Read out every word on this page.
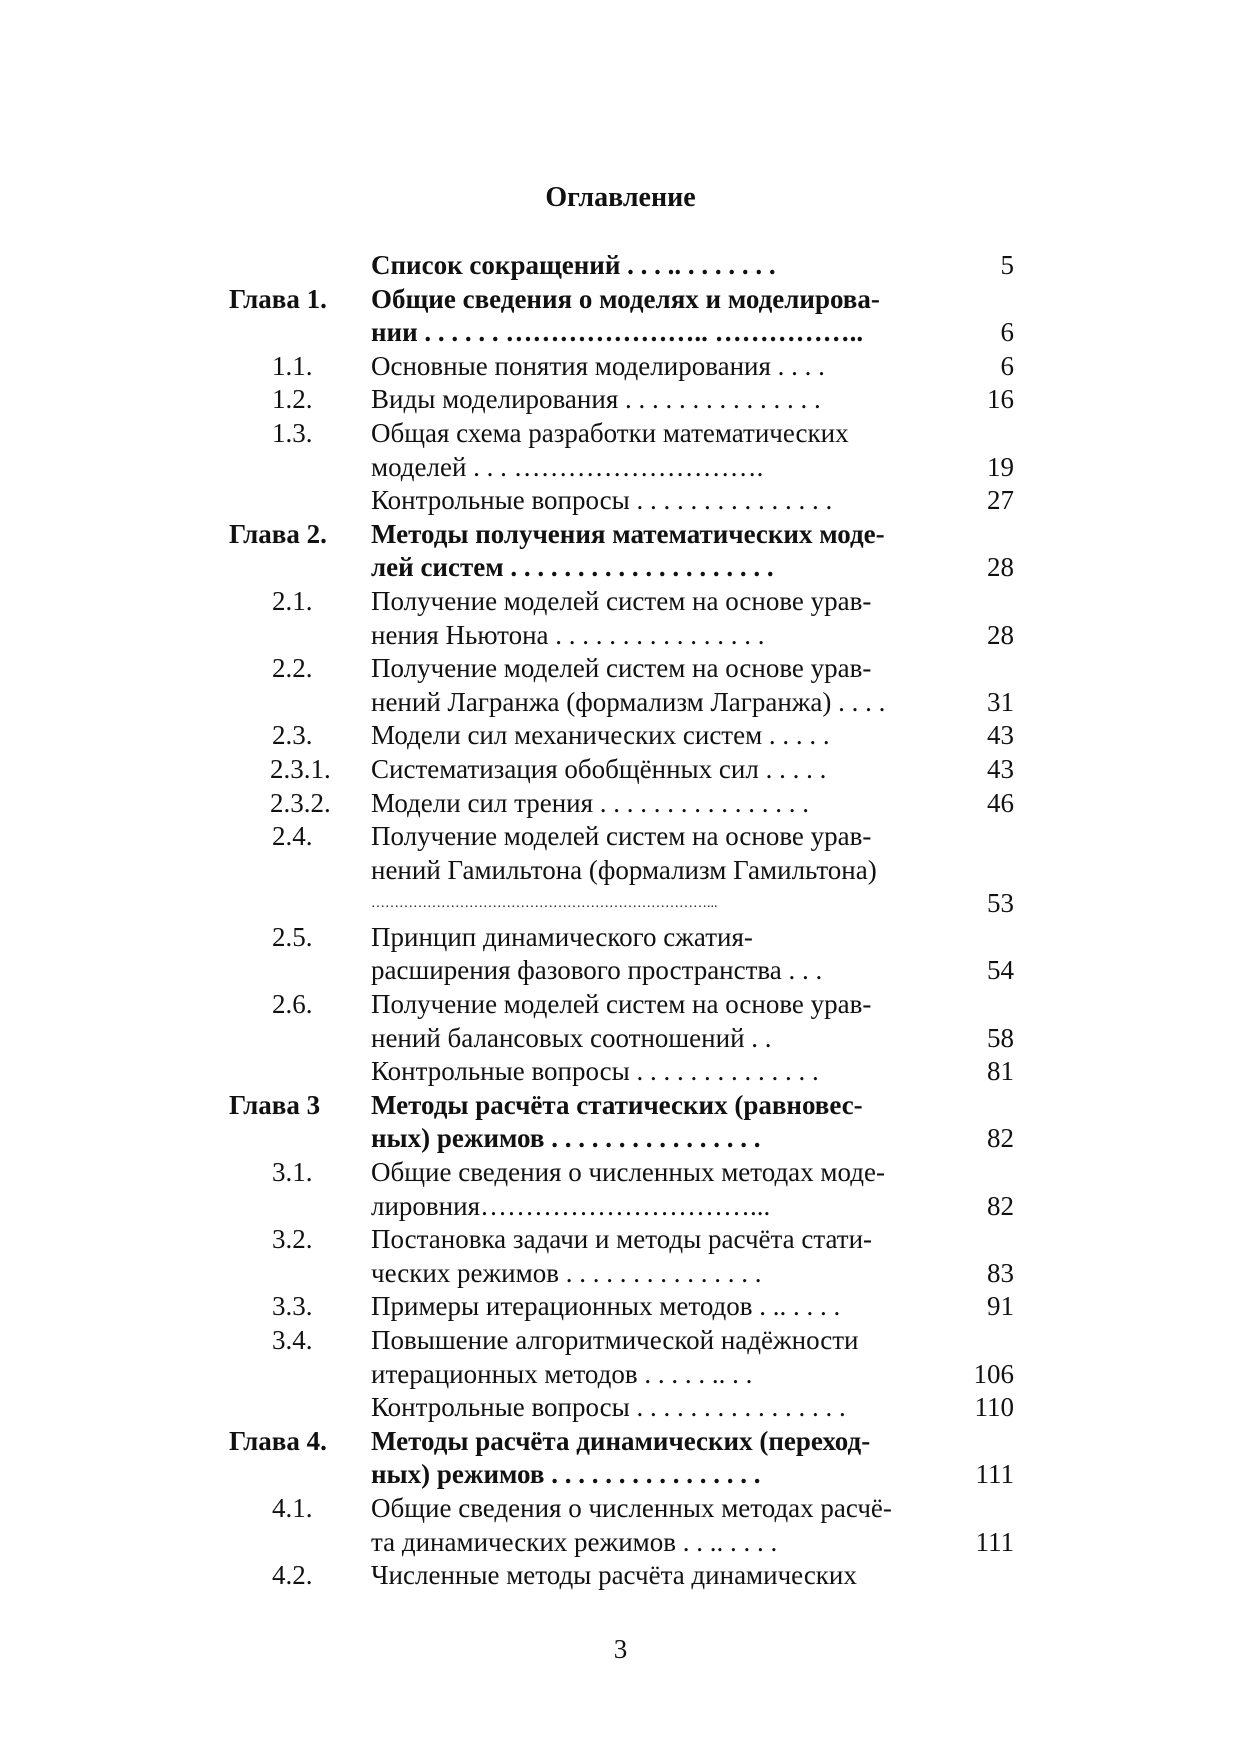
Оглавление
Список сокращений . . . .. . . . . . . .	5
Глава 1. Общие сведения о моделях и моделирова-
нии . . . . . . ………………….. ……………..	6
1.1. Основные понятия моделирования . . . .	6
1.2. Виды моделирования . . . . . . . . . . . . . . .	16
1.3. Общая схема разработки математических
моделей . . . ……………………….	19
Контрольные вопросы . . . . . . . . . . . . . . .	27
Глава 2. Методы получения математических моде-
лей систем . . . . . . . . . . . . . . . . . . . .	28
2.1. Получение моделей систем на основе урав-
нения Ньютона . . . . . . . . . . . . . . . .	28
2.2. Получение моделей систем на основе урав-
нений Лагранжа (формализм Лагранжа) . . . .	31
2.3. Модели сил механических систем . . . . .	43
2.3.1. Систематизация обобщённых сил . . . . .	43
2.3.2. Модели сил трения . . . . . . . . . . . . . . . .	46
2.4. Получение моделей систем на основе урав-
нений Гамильтона (формализм Гамильтона)
………………………………………………………………...	53
2.5. Принцип динамического сжатия-
расширения фазового пространства . . .	54
2.6. Получение моделей систем на основе урав-
нений балансовых соотношений . .	58
Контрольные вопросы . . . . . . . . . . . . . .	81
Глава 3 Методы расчёта статических (равновес-
ных) режимов . . . . . . . . . . . . . . . .	82
3.1. Общие сведения о численных методах моде-
лировния…………………………...	82
3.2. Постановка задачи и методы расчёта стати-
ческих режимов . . . . . . . . . . . . . . .	83
3.3. Примеры итерационных методов . .. . . . .	91
3.4. Повышение алгоритмической надёжности
итерационных методов . . . . . .. . .	106
Контрольные вопросы . . . . . . . . . . . . . . . .	110
Глава 4. Методы расчёта динамических (переход-
ных) режимов . . . . . . . . . . . . . . . .	111
4.1. Общие сведения о численных методах расчё-
та динамических режимов . . .. . . . .	111
4.2. Численные методы расчёта динамических
3
